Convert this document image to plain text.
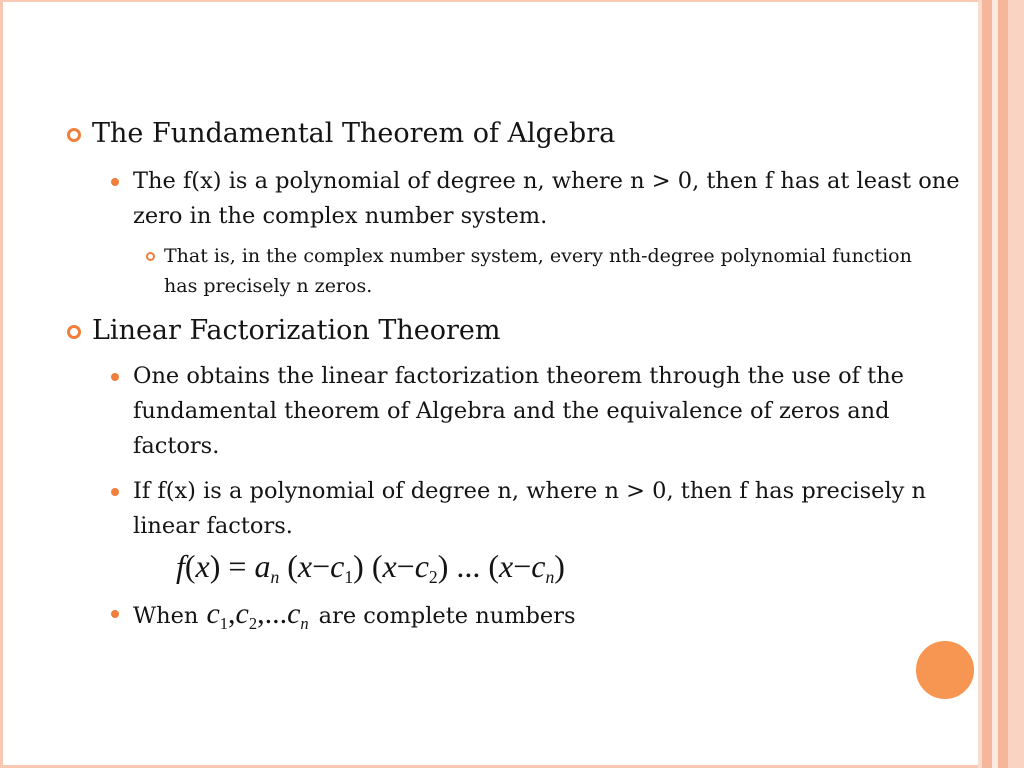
The Fundamental Theorem of Algebra
The f(x) is a polynomial of degree n, where n > 0, then f has at least one zero in the complex number system.
That is, in the complex number system, every nth-degree polynomial function has precisely n zeros.
Linear Factorization Theorem
One obtains the linear factorization theorem through the use of the fundamental theorem of Algebra and the equivalence of zeros and factors.
If f(x) is a polynomial of degree n, where n > 0, then f has precisely n linear factors.
$f(x) = a_n$ $(x-c_1)$ $(x-c_2)$ ... $(x-c_n)$
When $c_1,c_2,...c_n$ are complete numbers
